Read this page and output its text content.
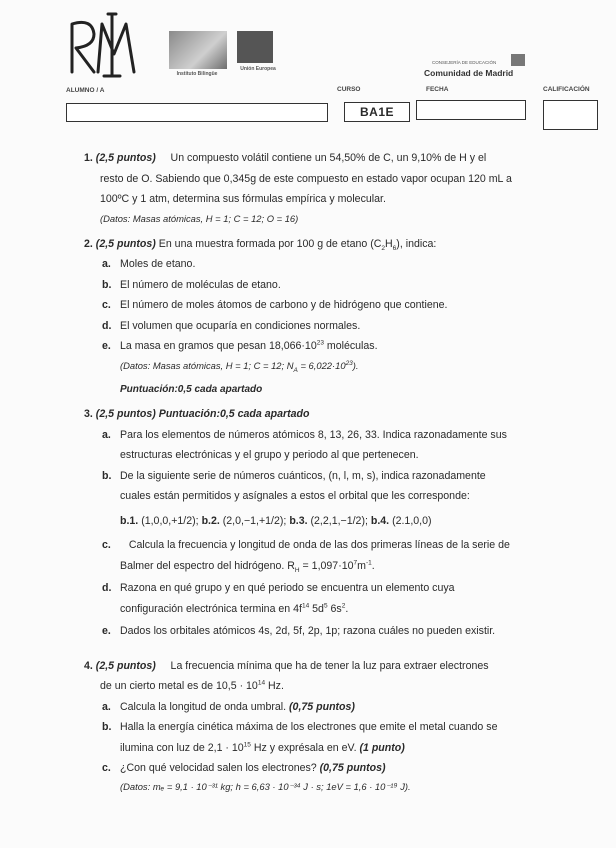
Instituto Bilingüe
Unión Europea
CONSEJERÍA DE EDUCACIÓN
Comunidad de Madrid
ALUMNO / A	CURSO	FECHA	CALIFICACIÓN
BA1E
1. (2,5 puntos) Un compuesto volátil contiene un 54,50% de C, un 9,10% de H y el
resto de O. Sabiendo que 0,345g de este compuesto en estado vapor ocupan 120 mL a
100ºC y 1 atm, determina sus fórmulas empírica y molecular.
(Datos: Masas atómicas, H = 1; C = 12; O = 16)
2. (2,5 puntos) En una muestra formada por 100 g de etano $(C_2H_6)$, indica:
a. Moles de etano.
b. El número de moléculas de etano.
c. El número de moles átomos de carbono y de hidrógeno que contiene.
d. El volumen que ocuparía en condiciones normales.
e. La masa en gramos que pesan $18,066\cdot 10^{23}$ moléculas.
(Datos: Masas atómicas, H = 1; C = 12; $N_A = 6,022\cdot 10^{23}$).
Puntuación:0,5 cada apartado
3. (2,5 puntos) Puntuación:0,5 cada apartado
a. Para los elementos de números atómicos 8, 13, 26, 33. Indica razonadamente sus
estructuras electrónicas y el grupo y periodo al que pertenecen.
b. De la siguiente serie de números cuánticos, (n, l, m, s), indica razonadamente
cuales están permitidos y asígnales a estos el orbital que les corresponde:
b.1. (1,0,0,+1/2); b.2. (2,0,−1,+1/2); b.3. (2,2,1,−1/2); b.4. (2.1,0,0)
c. Calcula la frecuencia y longitud de onda de las dos primeras líneas de la serie de
Balmer del espectro del hidrógeno. $R_H = 1,097\cdot 10^7m^{-1}$.
d. Razona en qué grupo y en qué periodo se encuentra un elemento cuya
configuración electrónica termina en $4f^{14}$ $5d^5$ $6s^2$.
e. Dados los orbitales atómicos 4s, 2d, 5f, 2p, 1p; razona cuáles no pueden existir.
4. (2,5 puntos) La frecuencia mínima que ha de tener la luz para extraer electrones
de un cierto metal es de $10,5 \cdot 10^{14}$ Hz.
a. Calcula la longitud de onda umbral. (0,75 puntos)
b. Halla la energía cinética máxima de los electrones que emite el metal cuando se
ilumina con luz de $2,1 \cdot 10^{15}$ Hz y exprésala en eV. (1 punto)
c. ¿Con qué velocidad salen los electrones? (0,75 puntos)
(Datos: mₑ = 9,1 · 10⁻³¹ kg; h = 6,63 · 10⁻³⁴ J · s; 1eV = 1,6 · 10⁻¹⁹ J).
